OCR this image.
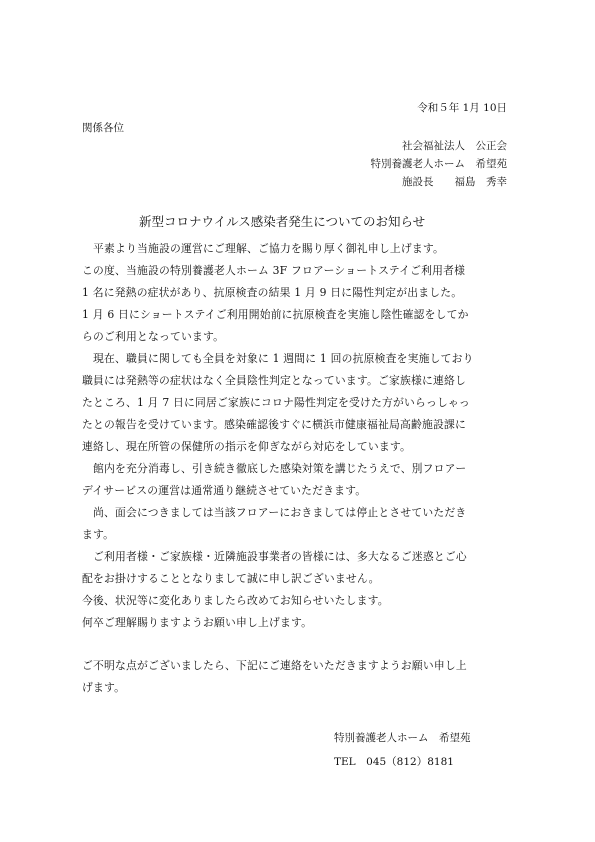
令和５年 1月 10日
関係各位
社会福祉法人　公正会
特別養護老人ホーム　希望苑
施設長　　福島　秀幸
新型コロナウイルス感染者発生についてのお知らせ
　平素より当施設の運営にご理解、ご協力を賜り厚く御礼申し上げます。
この度、当施設の特別養護老人ホーム 3F フロアーショートステイご利用者様
1 名に発熱の症状があり、抗原検査の結果 1 月 9 日に陽性判定が出ました。
1 月 6 日にショートステイご利用開始前に抗原検査を実施し陰性確認をしてか
らのご利用となっています。
　現在、職員に関しても全員を対象に 1 週間に 1 回の抗原検査を実施しており
職員には発熱等の症状はなく全員陰性判定となっています。ご家族様に連絡し
たところ、1 月 7 日に同居ご家族にコロナ陽性判定を受けた方がいらっしゃっ
たとの報告を受けています。感染確認後すぐに横浜市健康福祉局高齢施設課に
連絡し、現在所管の保健所の指示を仰ぎながら対応をしています。
　館内を充分消毒し、引き続き徹底した感染対策を講じたうえで、別フロアー
デイサービスの運営は通常通り継続させていただきます。
　尚、面会につきましては当該フロアーにおきましては停止とさせていただき
ます。
　ご利用者様・ご家族様・近隣施設事業者の皆様には、多大なるご迷惑とご心
配をお掛けすることとなりまして誠に申し訳ございません。
今後、状況等に変化ありましたら改めてお知らせいたします。
何卒ご理解賜りますようお願い申し上げます。
ご不明な点がございましたら、下記にご連絡をいただきますようお願い申し上
げます。
特別養護老人ホーム　希望苑
TEL　045（812）8181
